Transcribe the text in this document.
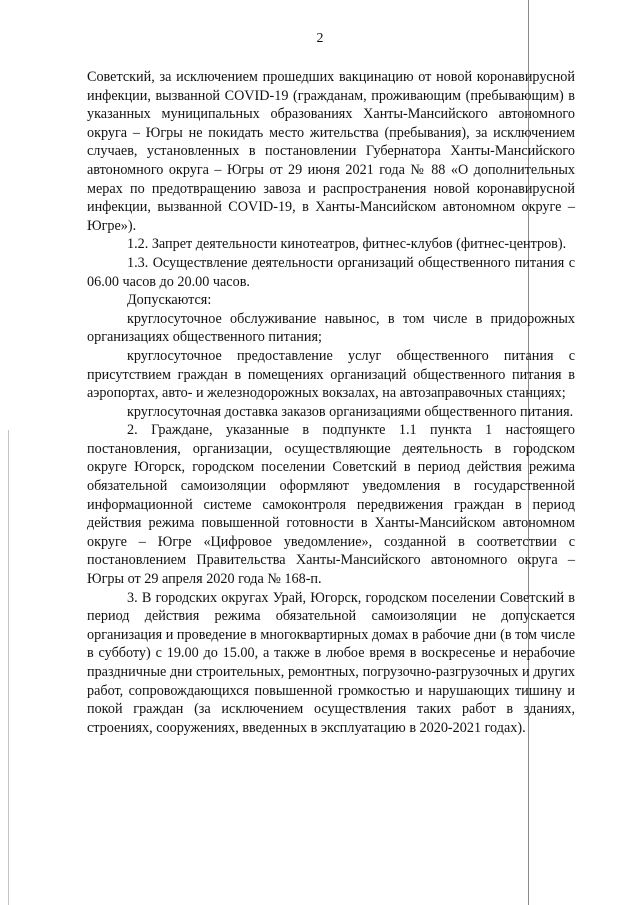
2

Советский, за исключением прошедших вакцинацию от новой коронавирусной инфекции, вызванной COVID-19 (гражданам, проживающим (пребывающим) в указанных муниципальных образованиях Ханты-Мансийского автономного округа – Югры не покидать место жительства (пребывания), за исключением случаев, установленных в постановлении Губернатора Ханты-Мансийского автономного округа – Югры от 29 июня 2021 года № 88 «О дополнительных мерах по предотвращению завоза и распространения новой коронавирусной инфекции, вызванной COVID-19, в Ханты-Мансийском автономном округе – Югре»).

1.2. Запрет деятельности кинотеатров, фитнес-клубов (фитнес-центров).

1.3. Осуществление деятельности организаций общественного питания с 06.00 часов до 20.00 часов.

Допускаются:

круглосуточное обслуживание навынос, в том числе в придорожных организациях общественного питания;

круглосуточное предоставление услуг общественного питания с присутствием граждан в помещениях организаций общественного питания в аэропортах, авто- и железнодорожных вокзалах, на автозаправочных станциях;

круглосуточная доставка заказов организациями общественного питания.

2. Граждане, указанные в подпункте 1.1 пункта 1 настоящего постановления, организации, осуществляющие деятельность в городском округе Югорск, городском поселении Советский в период действия режима обязательной самоизоляции оформляют уведомления в государственной информационной системе самоконтроля передвижения граждан в период действия режима повышенной готовности в Ханты-Мансийском автономном округе – Югре «Цифровое уведомление», созданной в соответствии с постановлением Правительства Ханты-Мансийского автономного округа – Югры от 29 апреля 2020 года № 168-п.

3. В городских округах Урай, Югорск, городском поселении Советский в период действия режима обязательной самоизоляции не допускается организация и проведение в многоквартирных домах в рабочие дни (в том числе в субботу) с 19.00 до 15.00, а также в любое время в воскресенье и нерабочие праздничные дни строительных, ремонтных, погрузочно-разгрузочных и других работ, сопровождающихся повышенной громкостью и нарушающих тишину и покой граждан (за исключением осуществления таких работ в зданиях, строениях, сооружениях, введенных в эксплуатацию в 2020-2021 годах).
